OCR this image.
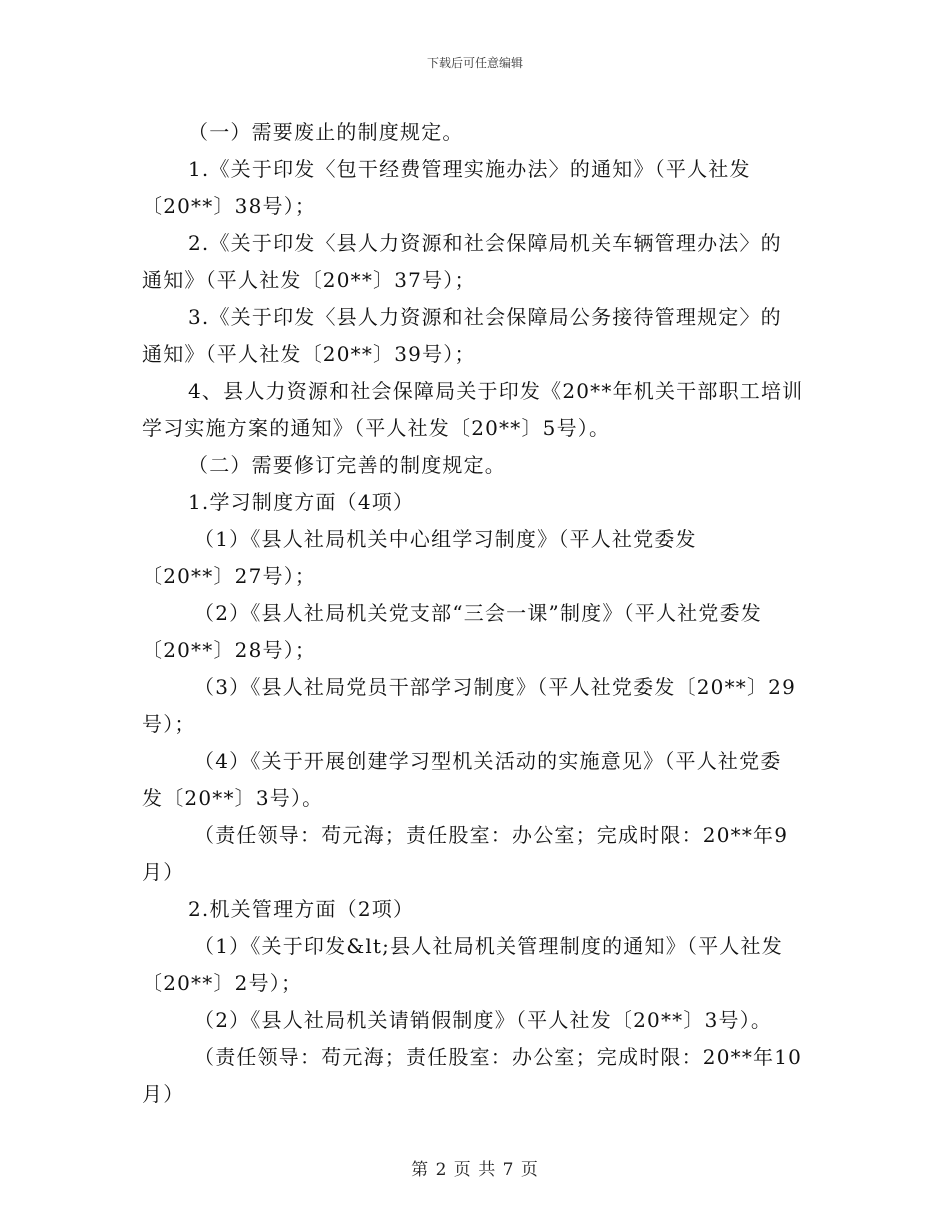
下载后可任意编辑
（一）需要废止的制度规定。
1.《关于印发〈包干经费管理实施办法〉的通知》（平人社发
〔20**〕38号）；
2.《关于印发〈县人力资源和社会保障局机关车辆管理办法〉的
通知》（平人社发〔20**〕37号）；
3.《关于印发〈县人力资源和社会保障局公务接待管理规定〉的
通知》（平人社发〔20**〕39号）；
4、县人力资源和社会保障局关于印发《20**年机关干部职工培训
学习实施方案的通知》（平人社发〔20**〕5号）。
（二）需要修订完善的制度规定。
1.学习制度方面（4项）
（1）《县人社局机关中心组学习制度》（平人社党委发
〔20**〕27号）；
（2）《县人社局机关党支部“三会一课”制度》（平人社党委发
〔20**〕28号）；
（3）《县人社局党员干部学习制度》（平人社党委发〔20**〕29
号）；
（4）《关于开展创建学习型机关活动的实施意见》（平人社党委
发〔20**〕3号）。
（责任领导：苟元海；责任股室：办公室；完成时限：20**年9
月）
2.机关管理方面（2项）
（1）《关于印发&lt;县人社局机关管理制度的通知》（平人社发
〔20**〕2号）；
（2）《县人社局机关请销假制度》（平人社发〔20**〕3号）。
（责任领导：苟元海；责任股室：办公室；完成时限：20**年10
月）
第 2 页 共 7 页
